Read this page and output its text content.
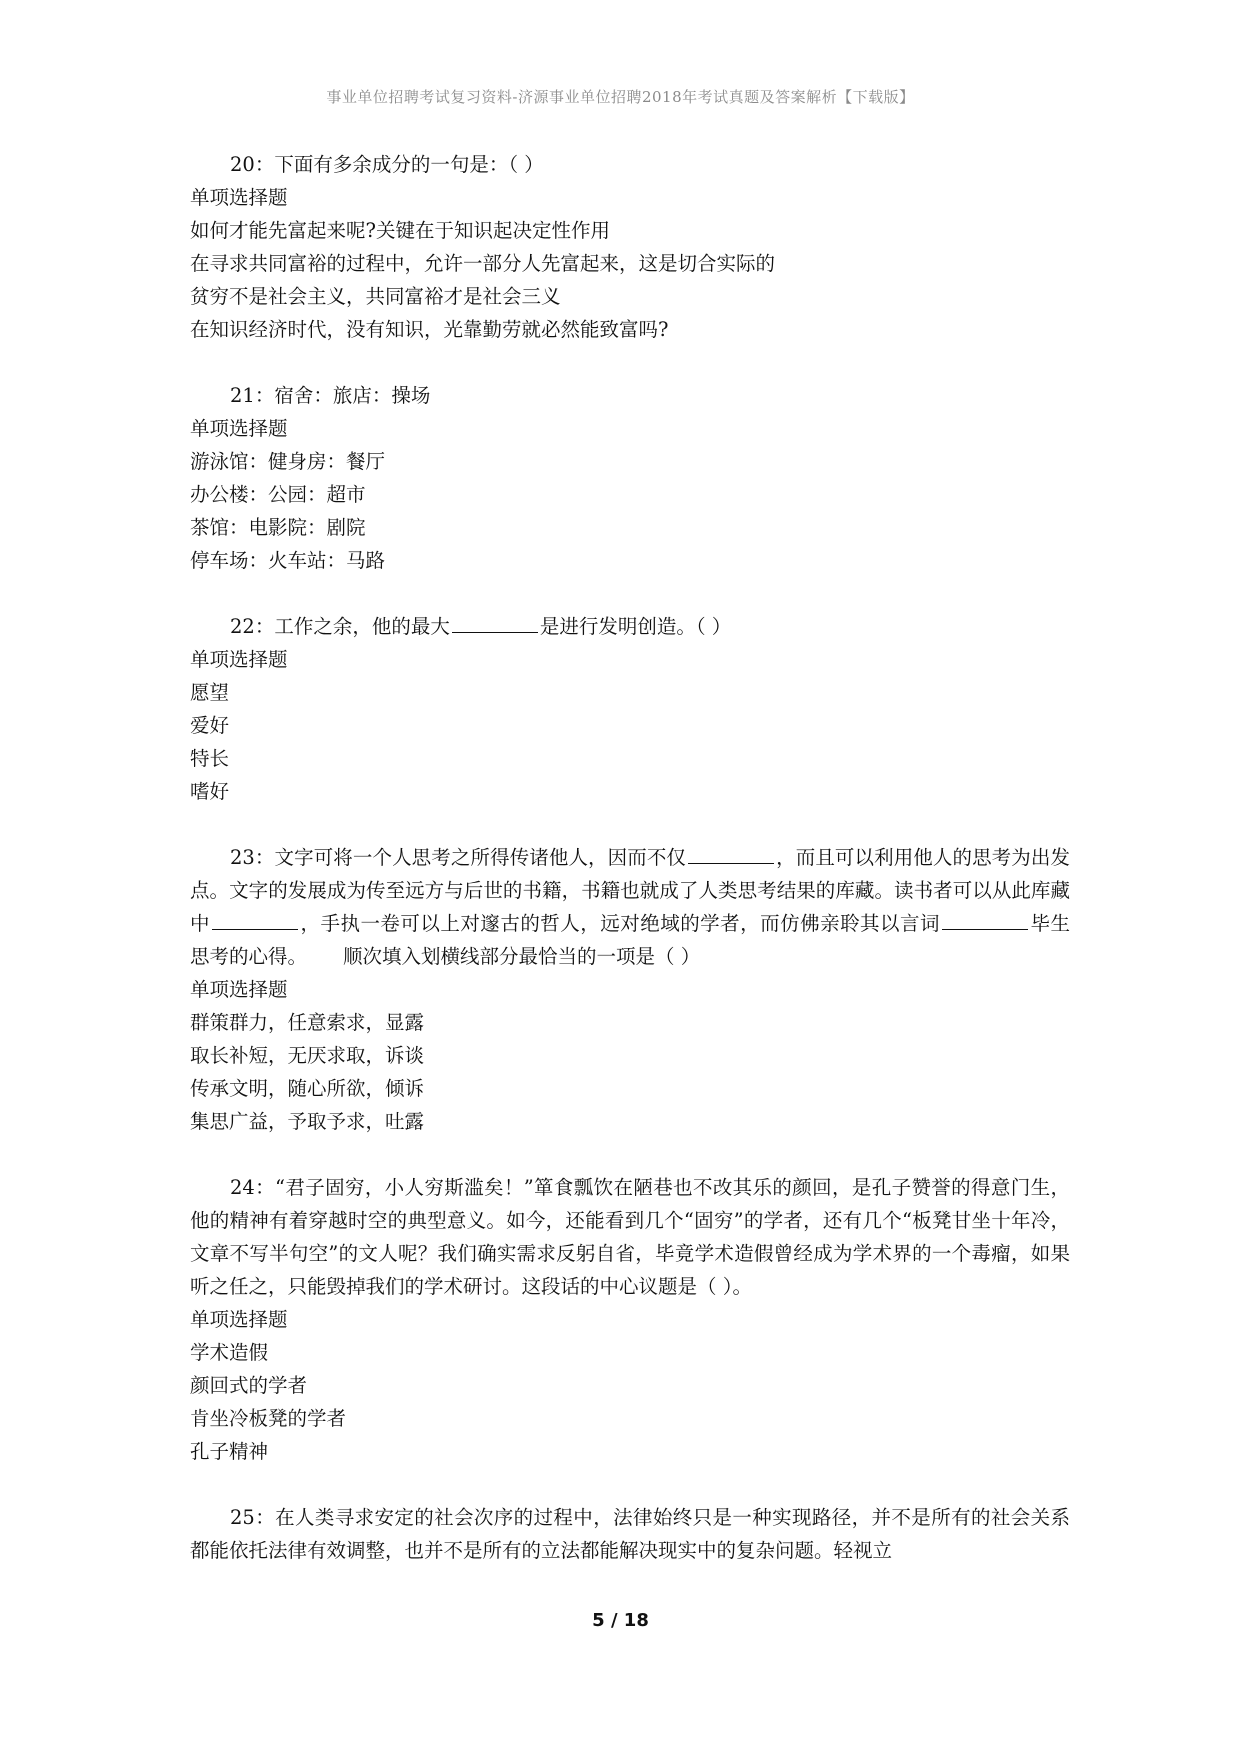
事业单位招聘考试复习资料-济源事业单位招聘2018年考试真题及答案解析【下载版】

20：下面有多余成分的一句是：（ ）

单项选择题

如何才能先富起来呢?关键在于知识起决定性作用

在寻求共同富裕的过程中，允许一部分人先富起来，这是切合实际的

贫穷不是社会主义，共同富裕才是社会三义

在知识经济时代，没有知识，光靠勤劳就必然能致富吗?

21：宿舍：旅店：操场

单项选择题

游泳馆：健身房：餐厅

办公楼：公园：超市

茶馆：电影院：剧院

停车场：火车站：马路

22：工作之余，他的最大	是进行发明创造。（ ）

单项选择题

愿望

爱好

特长

嗜好

23：文字可将一个人思考之所得传诸他人，因而不仅	，而且可以利用他人的思考为出发点。文字的发展成为传至远方与后世的书籍，书籍也就成了人类思考结果的库藏。读书者可以从此库藏中	，手执一卷可以上对邃古的哲人，远对绝域的学者，而仿佛亲聆其以言词	毕生思考的心得。 顺次填入划横线部分最恰当的一项是（ ）

单项选择题

群策群力，任意索求，显露

取长补短，无厌求取，诉谈

传承文明，随心所欲，倾诉

集思广益，予取予求，吐露

24：“君子固穷，小人穷斯滥矣！”箪食瓢饮在陋巷也不改其乐的颜回，是孔子赞誉的得意门生，他的精神有着穿越时空的典型意义。如今，还能看到几个“固穷”的学者，还有几个“板凳甘坐十年冷，文章不写半句空”的文人呢？我们确实需求反躬自省，毕竟学术造假曾经成为学术界的一个毒瘤，如果听之任之，只能毁掉我们的学术研讨。这段话的中心议题是（ ）。

单项选择题

学术造假

颜回式的学者

肯坐冷板凳的学者

孔子精神

25：在人类寻求安定的社会次序的过程中，法律始终只是一种实现路径，并不是所有的社会关系都能依托法律有效调整，也并不是所有的立法都能解决现实中的复杂问题。轻视立

5 / 18
